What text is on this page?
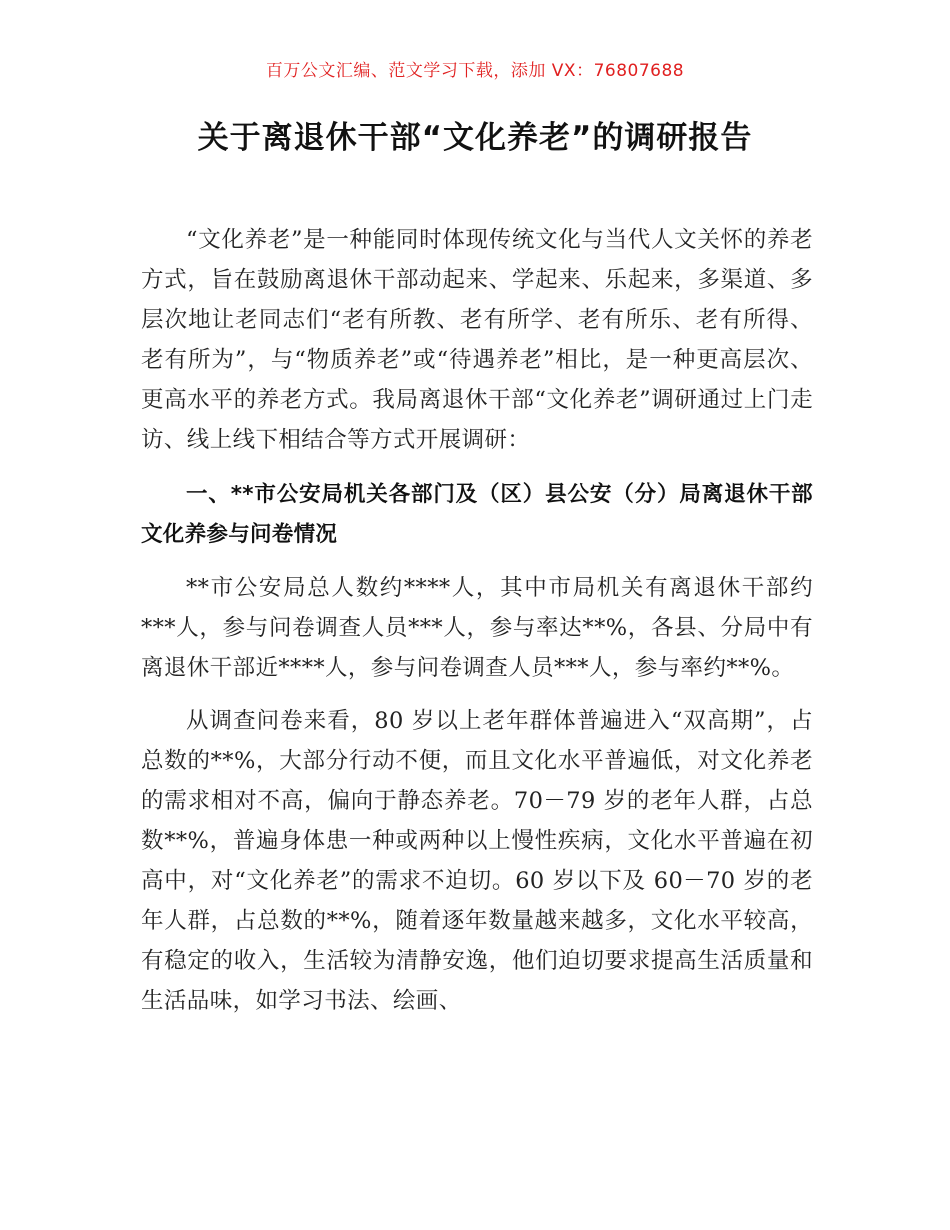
百万公文汇编、范文学习下载，添加 VX：76807688
关于离退休干部“文化养老”的调研报告

“文化养老”是一种能同时体现传统文化与当代人文关怀的养老方式，旨在鼓励离退休干部动起来、学起来、乐起来，多渠道、多层次地让老同志们“老有所教、老有所学、老有所乐、老有所得、老有所为”，与“物质养老”或“待遇养老”相比，是一种更高层次、更高水平的养老方式。我局离退休干部“文化养老”调研通过上门走访、线上线下相结合等方式开展调研：

一、**市公安局机关各部门及（区）县公安（分）局离退休干部文化养参与问卷情况

**市公安局总人数约****人，其中市局机关有离退休干部约***人，参与问卷调查人员***人，参与率达**%，各县、分局中有离退休干部近****人，参与问卷调查人员***人，参与率约**%。

从调查问卷来看，80 岁以上老年群体普遍进入“双高期”，占总数的**%，大部分行动不便，而且文化水平普遍低，对文化养老的需求相对不高，偏向于静态养老。70－79 岁的老年人群，占总数**%，普遍身体患一种或两种以上慢性疾病，文化水平普遍在初高中，对“文化养老”的需求不迫切。60 岁以下及 60－70 岁的老年人群，占总数的**%，随着逐年数量越来越多，文化水平较高，有稳定的收入，生活较为清静安逸，他们迫切要求提高生活质量和生活品味，如学习书法、绘画、
